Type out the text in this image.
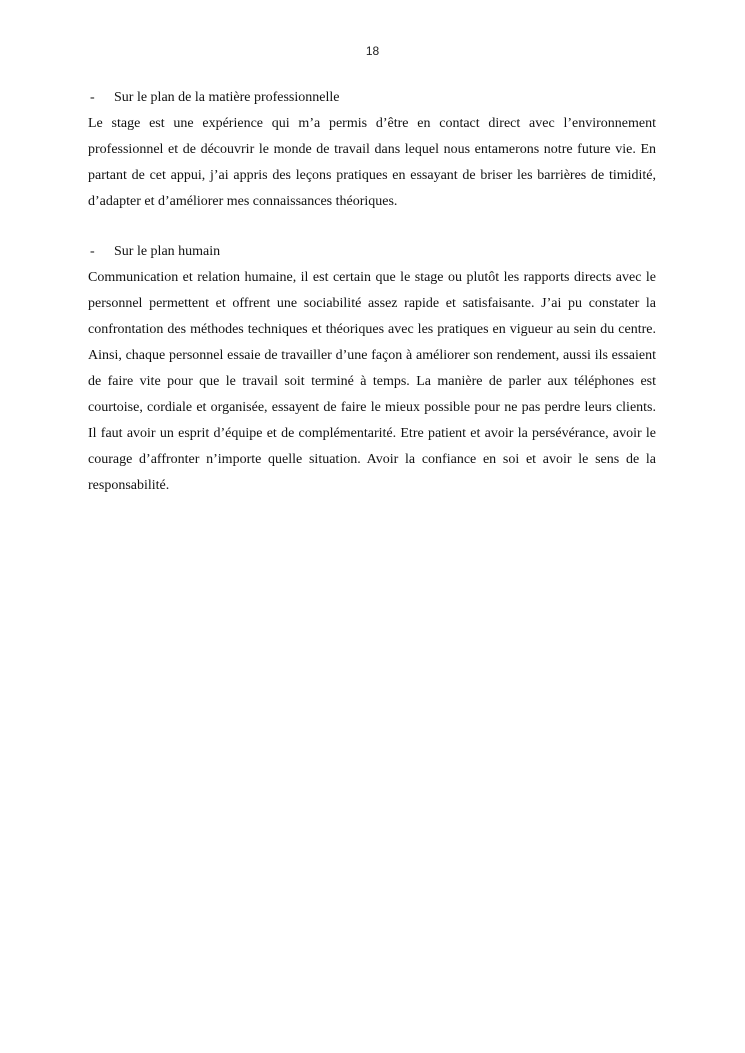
18
-	Sur le plan de la matière professionnelle

Le stage est une expérience qui m’a permis d’être en contact direct avec l’environnement professionnel et de découvrir le monde de travail dans lequel nous entamerons notre future vie. En partant de cet appui, j’ai appris des leçons pratiques en essayant de briser les barrières de timidité, d’adapter et d’améliorer mes connaissances théoriques.

-	Sur le plan humain

Communication et relation humaine, il est certain que le stage ou plutôt les rapports directs avec le personnel permettent et offrent une sociabilité assez rapide et satisfaisante. J’ai pu constater la confrontation des méthodes techniques et théoriques avec les pratiques en vigueur au sein du centre. Ainsi, chaque personnel essaie de travailler d’une façon à améliorer son rendement, aussi ils essaient de faire vite pour que le travail soit terminé à temps. La manière de parler aux téléphones est courtoise, cordiale et organisée, essayent de faire le mieux possible pour ne pas perdre leurs clients. Il faut avoir un esprit d’équipe et de complémentarité. Etre patient et avoir la persévérance, avoir le courage d’affronter n’importe quelle situation. Avoir la confiance en soi et avoir le sens de la responsabilité.
